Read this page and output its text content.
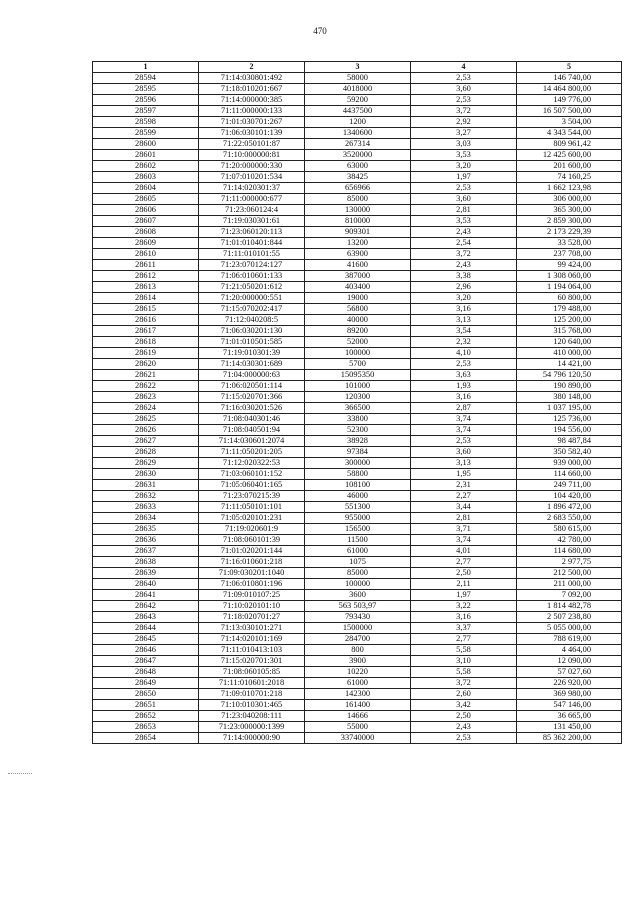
470
1	2	3	4	5
28594	71:14:030801:492	58000	2,53	146 740,00
28595	71:18:010201:667	4018000	3,60	14 464 800,00
28596	71:14:000000:385	59200	2,53	149 776,00
28597	71:11:000000:133	4437500	3,72	16 507 500,00
28598	71:01:030701:267	1200	2,92	3 504,00
28599	71:06:030101:139	1340600	3,27	4 343 544,00
28600	71:22:050101:87	267314	3,03	809 961,42
28601	71:10:000000:81	3520000	3,53	12 425 600,00
28602	71:20:000000:330	63000	3,20	201 600,00
28603	71:07:010201:534	38425	1,97	74 160,25
28604	71:14:020301:37	656966	2,53	1 662 123,98
28605	71:11:000000:677	85000	3,60	306 000,00
28606	71:23:060124:4	130000	2,81	365 300,00
28607	71:19:030301:61	810000	3,53	2 859 300,00
28608	71:23:060120:113	909301	2,43	2 173 229,39
28609	71:01:010401:844	13200	2,54	33 528,00
28610	71:11:010101:55	63900	3,72	237 708,00
28611	71:23:070124:127	41600	2,43	99 424,00
28612	71:06:010601:133	387000	3,38	1 308 060,00
28613	71:21:050201:612	403400	2,96	1 194 064,00
28614	71:20:000000:551	19000	3,20	60 800,00
28615	71:15:070202:417	56800	3,16	179 488,00
28616	71:12:040208:5	40000	3,13	125 200,00
28617	71:06:030201:130	89200	3,54	315 768,00
28618	71:01:010501:585	52000	2,32	120 640,00
28619	71:19:010301:39	100000	4,10	410 000,00
28620	71:14:030301:689	5700	2,53	14 421,00
28621	71:04:000000:63	15095350	3,63	54 796 120,50
28622	71:06:020501:114	101000	1,93	190 890,00
28623	71:15:020701:366	120300	3,16	380 148,00
28624	71:16:030201:526	366500	2,87	1 037 195,00
28625	71:08:040301:46	33800	3,74	125 736,00
28626	71:08:040501:94	52300	3,74	194 556,00
28627	71:14:030601:2074	38928	2,53	98 487,84
28628	71:11:050201:205	97384	3,60	350 582,40
28629	71:12:020322:53	300000	3,13	939 000,00
28630	71:03:060101:152	58800	1,95	114 660,00
28631	71:05:060401:165	108100	2,31	249 711,00
28632	71:23:070215:39	46000	2,27	104 420,00
28633	71:11:050101:101	551300	3,44	1 896 472,00
28634	71:05:020101:231	955000	2,81	2 683 550,00
28635	71:19:020601:9	156500	3,71	580 615,00
28636	71:08:060101:39	11500	3,74	42 780,00
28637	71:01:020201:144	61000	4,01	114 680,00
28638	71:16:010601:218	1075	2,77	2 977,75
28639	71:09:030201:1040	85000	2,50	212 500,00
28640	71:06:010801:196	100000	2,11	211 000,00
28641	71:09:010107:25	3600	1,97	7 092,00
28642	71:10:020101:10	563 503,97	3,22	1 814 482,78
28643	71:18:020701:27	793430	3,16	2 507 238,80
28644	71:13:030101:271	1500000	3,37	5 055 000,00
28645	71:14:020101:169	284700	2,77	788 619,00
28646	71:11:010413:103	800	5,58	4 464,00
28647	71:15:020701:301	3900	3,10	12 090,00
28648	71:08:060105:85	10220	5,58	57 027,60
28649	71:11:010601:2018	61000	3,72	226 920,00
28650	71:09:010701:218	142300	2,60	369 980,00
28651	71:10:010301:465	161400	3,42	547 146,00
28652	71:23:040208:111	14666	2,50	36 665,00
28653	71:23:000000:1399	55000	2,43	131 450,00
28654	71:14:000000:90	33740000	2,53	85 362 200,00
